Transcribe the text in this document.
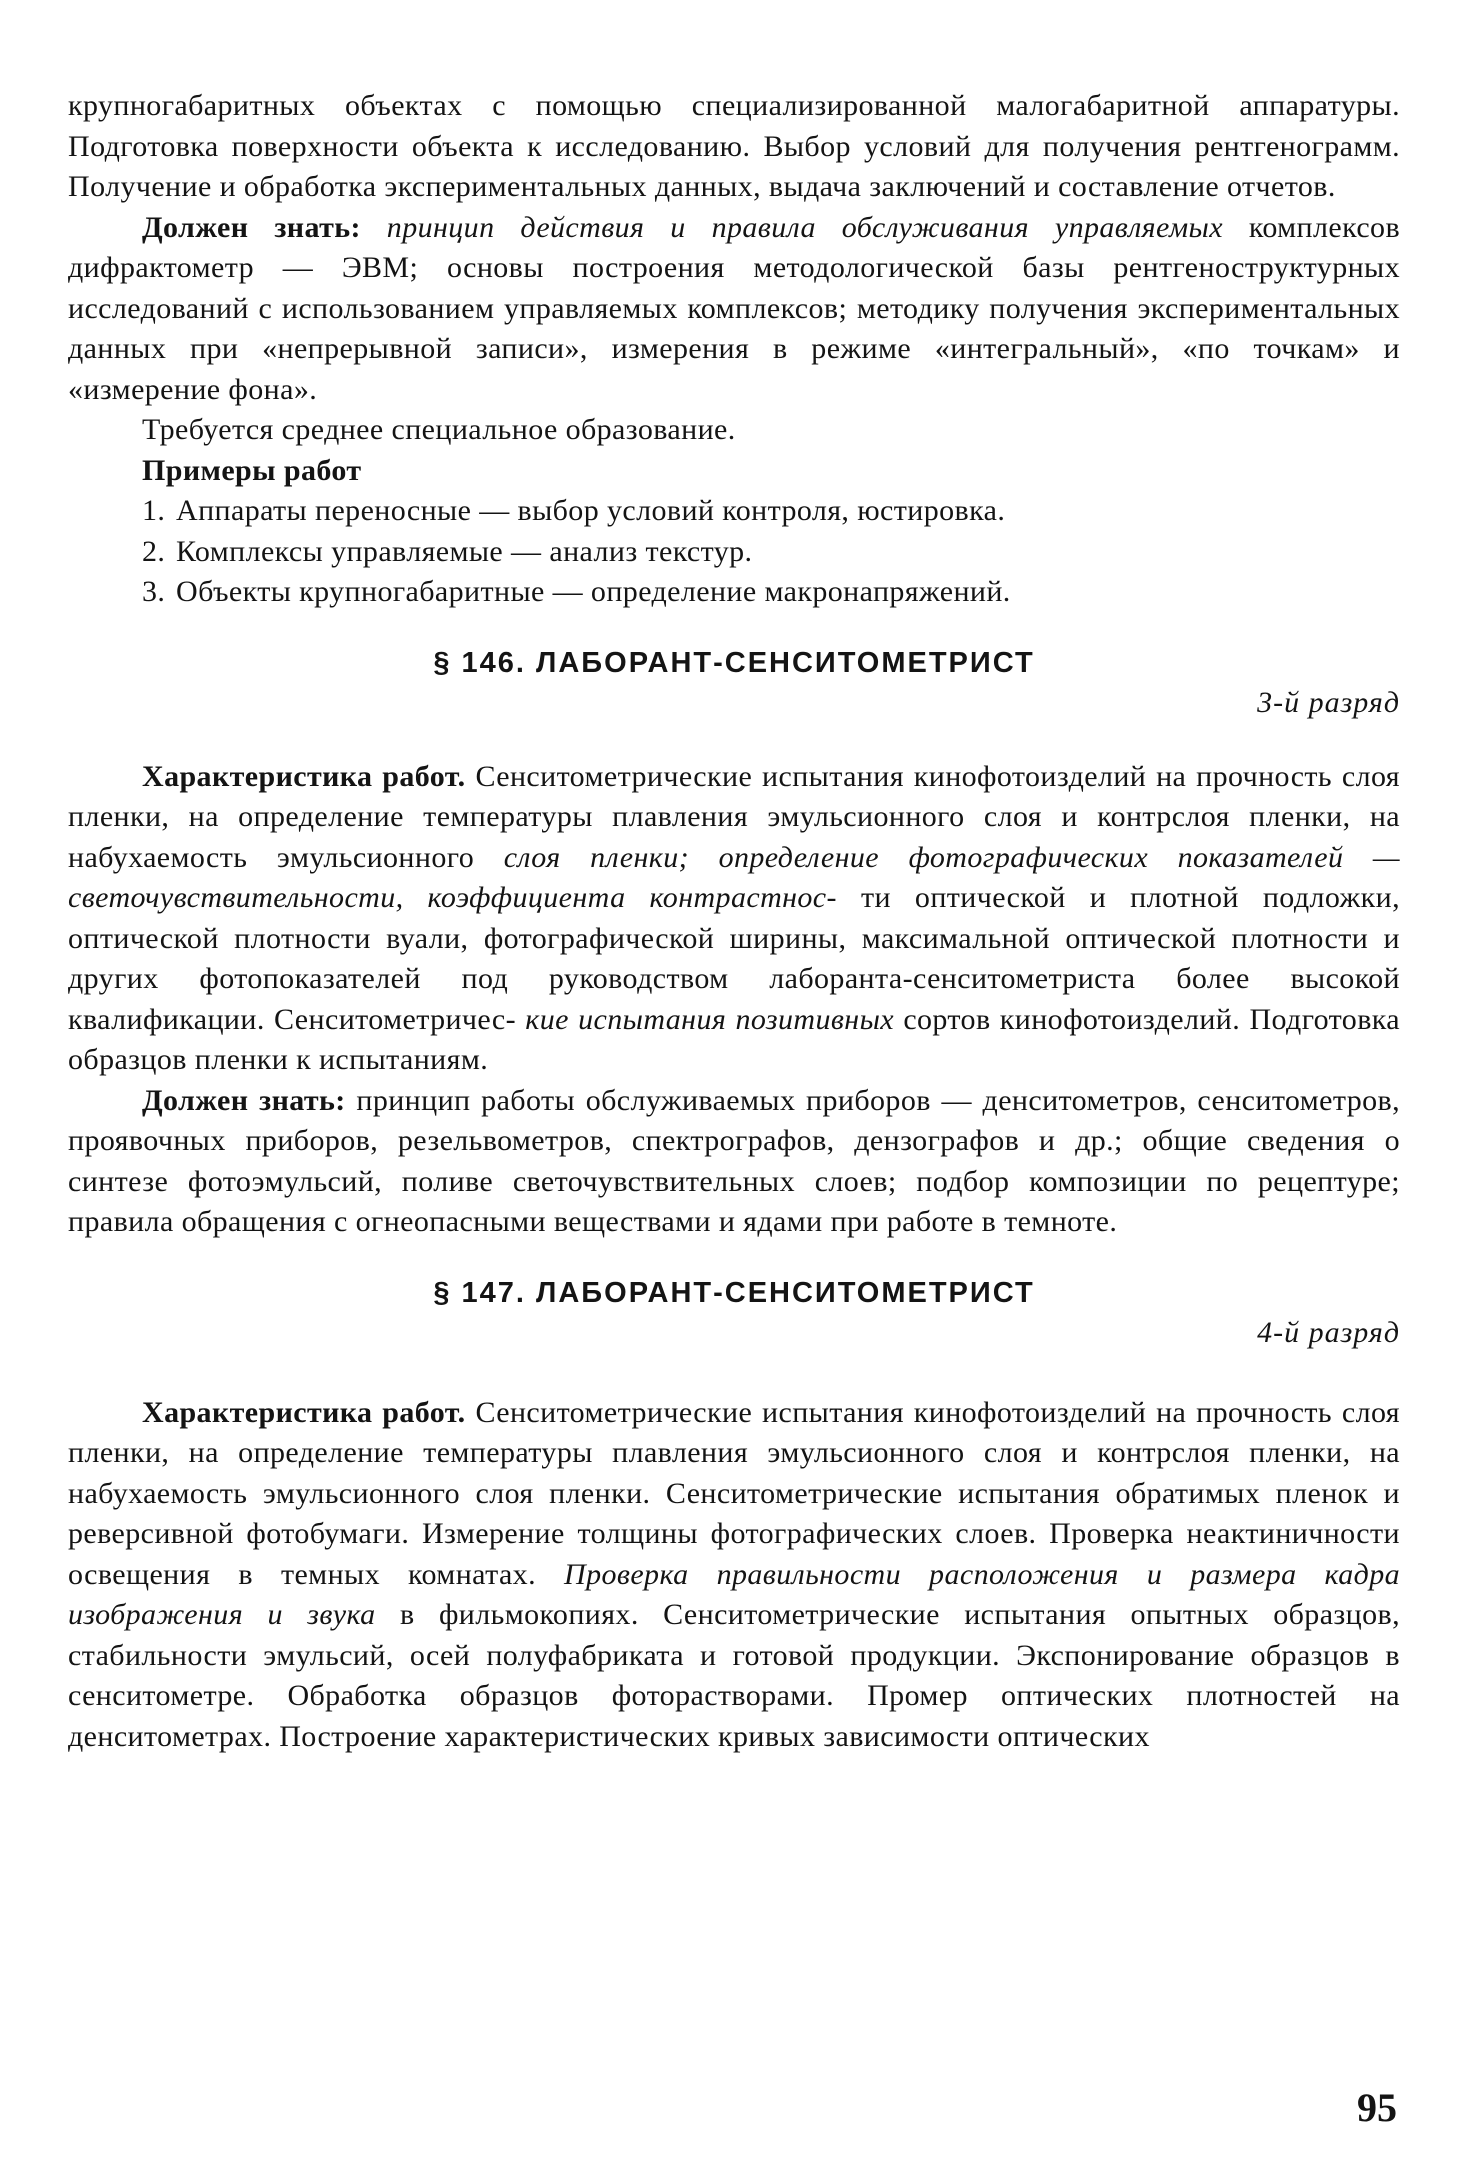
крупногабаритных объектах с помощью специализированной малогабаритной аппаратуры. Подготовка поверхности объекта к исследованию. Выбор условий для получения рентгенограмм. Получение и обработка экспериментальных данных, выдача заключений и составление отчетов.

Должен знать: принцип действия и правила обслуживания управляемых комплексов дифрактометр — ЭВМ; основы построения методологической базы рентгеноструктурных исследований с использованием управляемых комплексов; методику получения экспериментальных данных при «непрерывной записи», измерения в режиме «интегральный», «по точкам» и «измерение фона».

Требуется среднее специальное образование.

Примеры работ

1. Аппараты переносные — выбор условий контроля, юстировка.
2. Комплексы управляемые — анализ текстур.
3. Объекты крупногабаритные — определение макронапряжений.
§ 146. ЛАБОРАНТ-СЕНСИТОМЕТРИСТ
3-й разряд

Характеристика работ. Сенситометрические испытания кинофотоизделий на прочность слоя пленки, на определение температуры плавления эмульсионного слоя и контрслоя пленки, на набухаемость эмульсионного слоя пленки; определение фотографических показателей — светочувствительности, коэффициента контрастнос- ти оптической и плотной подложки, оптической плотности вуали, фотографической ширины, максимальной оптической плотности и других фотопоказателей под руководством лаборанта-сенситометриста более высокой квалификации. Сенситометричес- кие испытания позитивных сортов кинофотоизделий. Подготовка образцов пленки к испытаниям.

Должен знать: принцип работы обслуживаемых приборов — денситометров, сенситометров, проявочных приборов, резельвометров, спектрографов, дензографов и др.; общие сведения о синтезе фотоэмульсий, поливе светочувствительных слоев; подбор композиции по рецептуре; правила обращения с огнеопасными веществами и ядами при работе в темноте.

§ 147. ЛАБОРАНТ-СЕНСИТОМЕТРИСТ
4-й разряд

Характеристика работ. Сенситометрические испытания кинофотоизделий на прочность слоя пленки, на определение температуры плавления эмульсионного слоя и контрслоя пленки, на набухаемость эмульсионного слоя пленки. Сенситометрические испытания обратимых пленок и реверсивной фотобумаги. Измерение толщины фотографических слоев. Проверка неактиничности освещения в темных комнатах. Проверка правильности расположения и размера кадра изображения и звука в фильмокопиях. Сенситометрические испытания опытных образцов, стабильности эмульсий, осей полуфабриката и готовой продукции. Экспонирование образцов в сенситометре. Обработка образцов фоторастворами. Промер оптических плотностей на денситометрах. Построение характеристических кривых зависимости оптических

95
